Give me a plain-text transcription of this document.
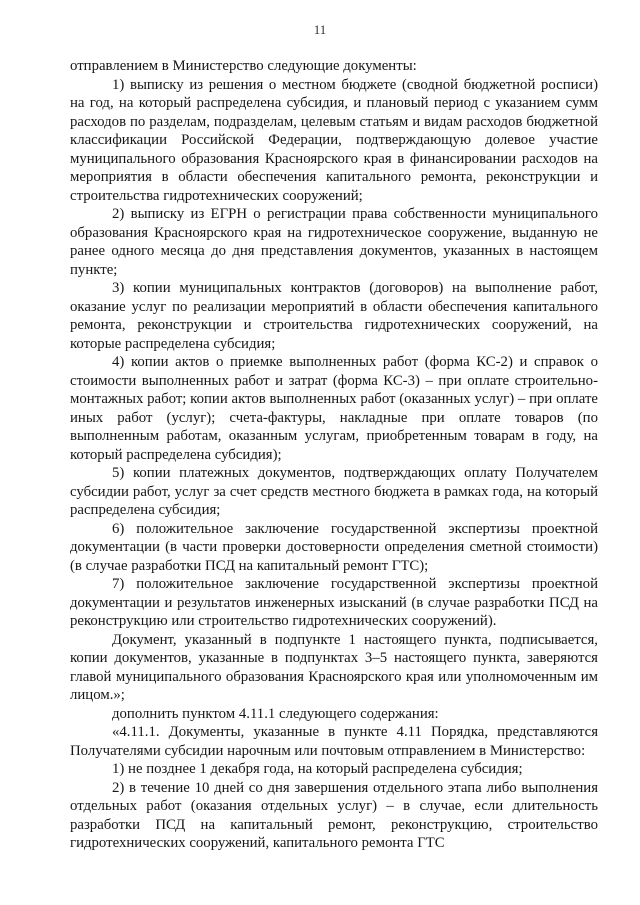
11

отправлением в Министерство следующие документы:

1) выписку из решения о местном бюджете (сводной бюджетной росписи) на год, на который распределена субсидия, и плановый период с указанием сумм расходов по разделам, подразделам, целевым статьям и видам расходов бюджетной классификации Российской Федерации, подтверждающую долевое участие муниципального образования Красноярского края в финансировании расходов на мероприятия в области обеспечения капитального ремонта, реконструкции и строительства гидротехнических сооружений;

2) выписку из ЕГРН о регистрации права собственности муниципального образования Красноярского края на гидротехническое сооружение, выданную не ранее одного месяца до дня представления документов, указанных в настоящем пункте;

3) копии муниципальных контрактов (договоров) на выполнение работ, оказание услуг по реализации мероприятий в области обеспечения капитального ремонта, реконструкции и строительства гидротехнических сооружений, на которые распределена субсидия;

4) копии актов о приемке выполненных работ (форма КС-2) и справок о стоимости выполненных работ и затрат (форма КС-3) – при оплате строительно-монтажных работ; копии актов выполненных работ (оказанных услуг) – при оплате иных работ (услуг); счета-фактуры, накладные при оплате товаров (по выполненным работам, оказанным услугам, приобретенным товарам в году, на который распределена субсидия);

5) копии платежных документов, подтверждающих оплату Получателем субсидии работ, услуг за счет средств местного бюджета в рамках года, на который распределена субсидия;

6) положительное заключение государственной экспертизы проектной документации (в части проверки достоверности определения сметной стоимости) (в случае разработки ПСД на капитальный ремонт ГТС);

7) положительное заключение государственной экспертизы проектной документации и результатов инженерных изысканий (в случае разработки ПСД на реконструкцию или строительство гидротехнических сооружений).

Документ, указанный в подпункте 1 настоящего пункта, подписывается, копии документов, указанные в подпунктах 3–5 настоящего пункта, заверяются главой муниципального образования Красноярского края или уполномоченным им лицом.»;

дополнить пунктом 4.11.1 следующего содержания:

«4.11.1. Документы, указанные в пункте 4.11 Порядка, представляются Получателями субсидии нарочным или почтовым отправлением в Министерство:

1) не позднее 1 декабря года, на который распределена субсидия;

2) в течение 10 дней со дня завершения отдельного этапа либо выполнения отдельных работ (оказания отдельных услуг) – в случае, если длительность разработки ПСД на капитальный ремонт, реконструкцию, строительство гидротехнических сооружений, капитального ремонта ГТС
